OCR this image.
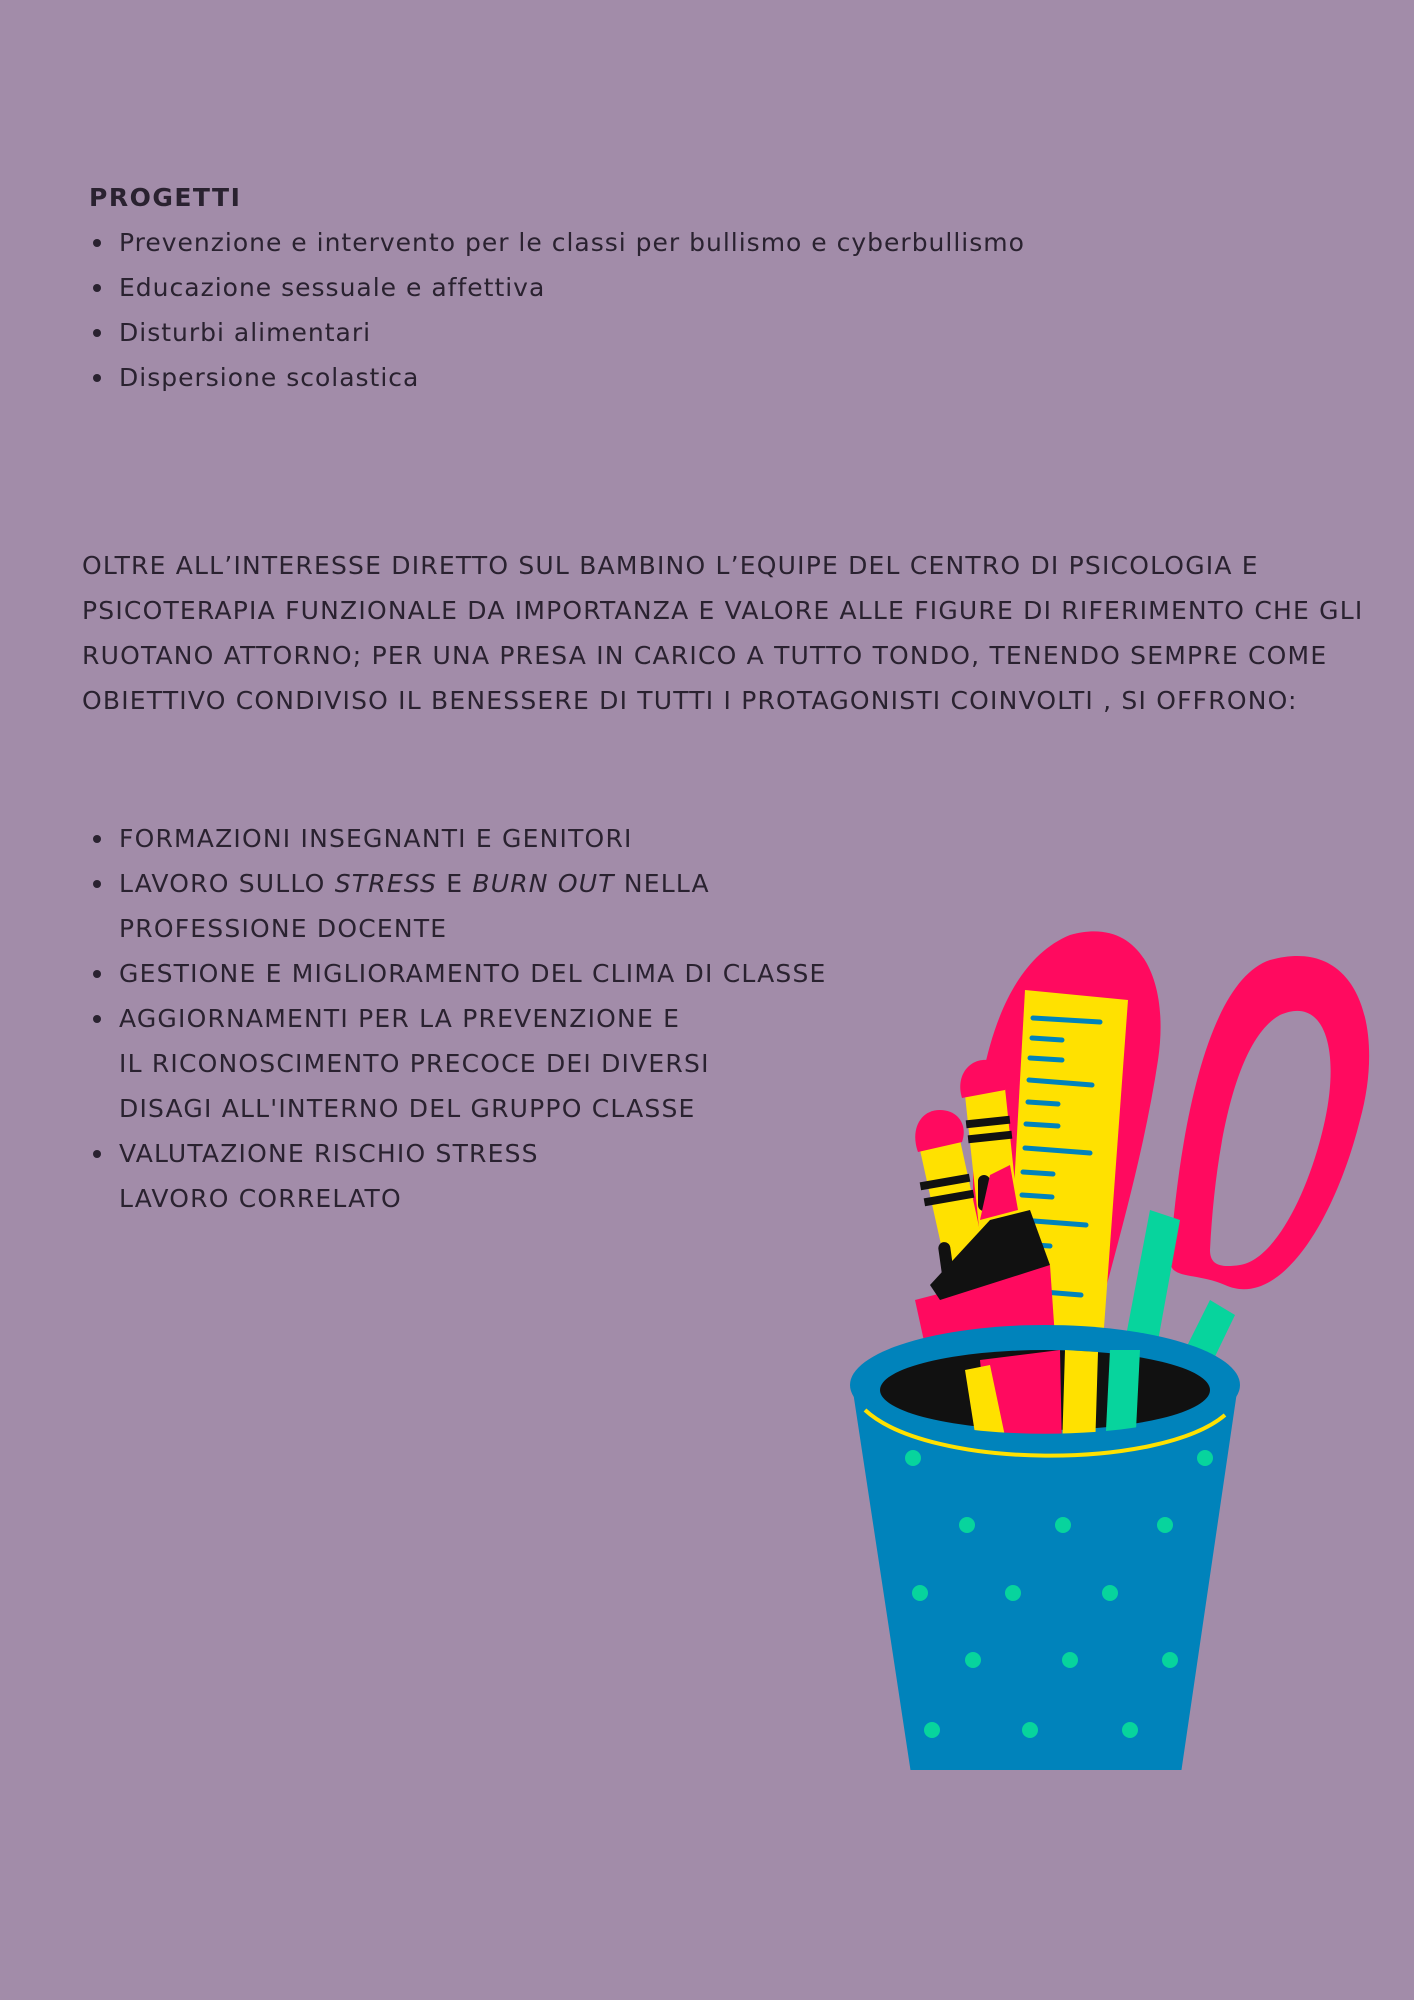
PROGETTI
Prevenzione e intervento per le classi per bullismo e cyberbullismo
Educazione sessuale e affettiva
Disturbi alimentari
Dispersione scolastica

OLTRE ALL’INTERESSE DIRETTO SUL BAMBINO L’EQUIPE DEL CENTRO DI PSICOLOGIA E PSICOTERAPIA FUNZIONALE DA IMPORTANZA E VALORE ALLE FIGURE DI RIFERIMENTO CHE GLI RUOTANO ATTORNO; PER UNA PRESA IN CARICO A TUTTO TONDO, TENENDO SEMPRE COME OBIETTIVO CONDIVISO IL BENESSERE DI TUTTI I PROTAGONISTI COINVOLTI , SI OFFRONO:

FORMAZIONI INSEGNANTI E GENITORI
LAVORO SULLO STRESS E BURN OUT NELLA
PROFESSIONE DOCENTE
GESTIONE E MIGLIORAMENTO DEL CLIMA DI CLASSE
AGGIORNAMENTI PER LA PREVENZIONE E
IL RICONOSCIMENTO PRECOCE DEI DIVERSI
DISAGI ALL'INTERNO DEL GRUPPO CLASSE
VALUTAZIONE RISCHIO STRESS
LAVORO CORRELATO
